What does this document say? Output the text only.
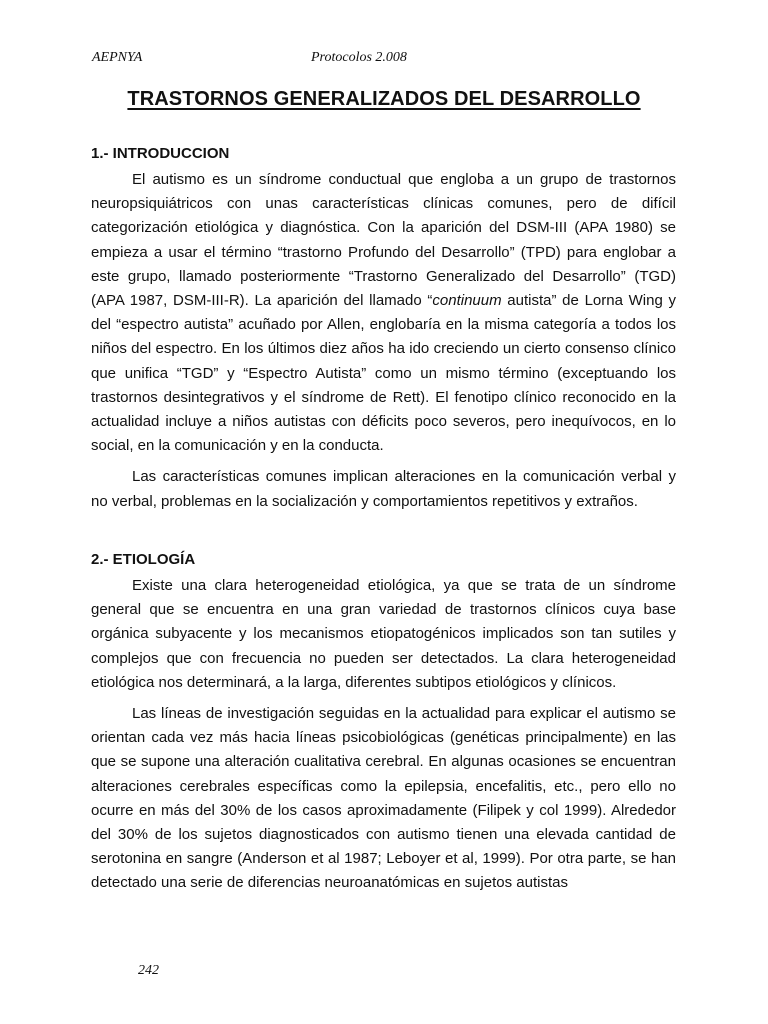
AEPNYA	Protocolos 2.008
TRASTORNOS GENERALIZADOS DEL DESARROLLO
1.- INTRODUCCION

El autismo es un síndrome conductual que engloba a un grupo de trastornos neuropsiquiátricos con unas características clínicas comunes, pero de difícil categorización etiológica y diagnóstica. Con la aparición del DSM-III (APA 1980) se empieza a usar el término “trastorno Profundo del Desarrollo” (TPD) para englobar a este grupo, llamado posteriormente “Trastorno Generalizado del Desarrollo” (TGD) (APA 1987, DSM-III-R). La aparición del llamado “continuum autista” de Lorna Wing y del “espectro autista” acuñado por Allen, englobaría en la misma categoría a todos los niños del espectro. En los últimos diez años ha ido creciendo un cierto consenso clínico que unifica “TGD” y “Espectro Autista” como un mismo término (exceptuando los trastornos desintegrativos y el síndrome de Rett). El fenotipo clínico reconocido en la actualidad incluye a niños autistas con déficits poco severos, pero inequívocos, en lo social, en la comunicación y en la conducta.

Las características comunes implican alteraciones en la comunicación verbal y no verbal, problemas en la socialización y comportamientos repetitivos y extraños.

2.- ETIOLOGÍA

Existe una clara heterogeneidad etiológica, ya que se trata de un síndrome general que se encuentra en una gran variedad de trastornos clínicos cuya base orgánica subyacente y los mecanismos etiopatogénicos implicados son tan sutiles y complejos que con frecuencia no pueden ser detectados. La clara heterogeneidad etiológica nos determinará, a la larga, diferentes subtipos etiológicos y clínicos.

Las líneas de investigación seguidas en la actualidad para explicar el autismo se orientan cada vez más hacia líneas psicobiológicas (genéticas principalmente) en las que se supone una alteración cualitativa cerebral. En algunas ocasiones se encuentran alteraciones cerebrales específicas como la epilepsia, encefalitis, etc., pero ello no ocurre en más del 30% de los casos aproximadamente (Filipek y col 1999). Alrededor del 30% de los sujetos diagnosticados con autismo tienen una elevada cantidad de serotonina en sangre (Anderson et al 1987; Leboyer et al, 1999). Por otra parte, se han detectado una serie de diferencias neuroanatómicas en sujetos autistas

242
